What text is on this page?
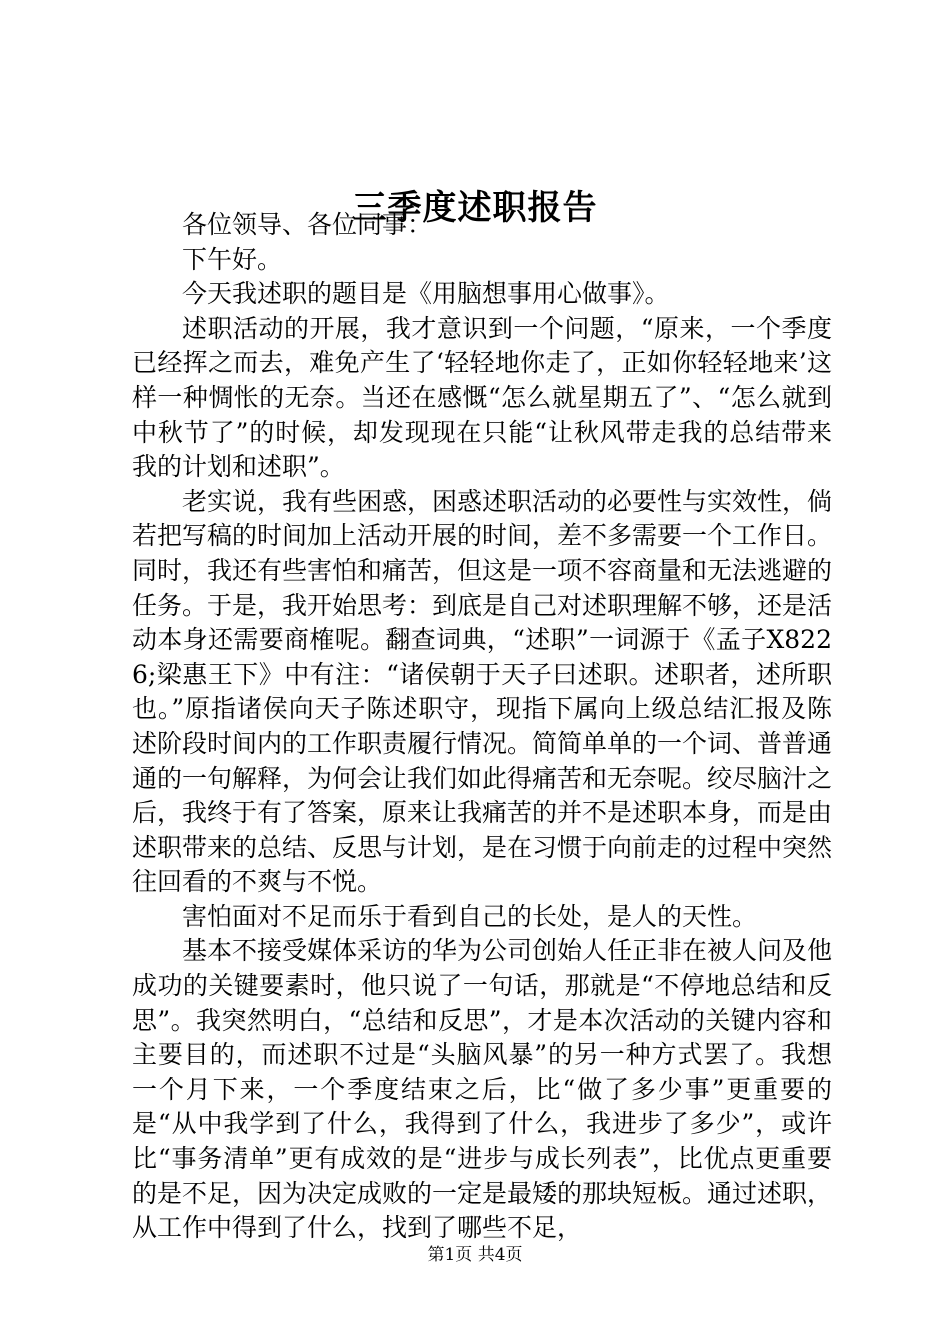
三季度述职报告

各位领导、各位同事：

下午好。

今天我述职的题目是《用脑想事用心做事》。

述职活动的开展，我才意识到一个问题，“原来，一个季度已经挥之而去，难免产生了‘轻轻地你走了，正如你轻轻地来’这样一种惆怅的无奈。当还在感慨“怎么就星期五了”、“怎么就到中秋节了”的时候，却发现现在只能“让秋风带走我的总结带来我的计划和述职”。

老实说，我有些困惑，困惑述职活动的必要性与实效性，倘若把写稿的时间加上活动开展的时间，差不多需要一个工作日。同时，我还有些害怕和痛苦，但这是一项不容商量和无法逃避的任务。于是，我开始思考：到底是自己对述职理解不够，还是活动本身还需要商榷呢。翻查词典，“述职”一词源于《孟子X8226;梁惠王下》中有注：“诸侯朝于天子曰述职。述职者，述所职也。”原指诸侯向天子陈述职守，现指下属向上级总结汇报及陈述阶段时间内的工作职责履行情况。简简单单的一个词、普普通通的一句解释，为何会让我们如此得痛苦和无奈呢。绞尽脑汁之后，我终于有了答案，原来让我痛苦的并不是述职本身，而是由述职带来的总结、反思与计划，是在习惯于向前走的过程中突然往回看的不爽与不悦。

害怕面对不足而乐于看到自己的长处，是人的天性。

基本不接受媒体采访的华为公司创始人任正非在被人问及他成功的关键要素时，他只说了一句话，那就是“不停地总结和反思”。我突然明白，“总结和反思”，才是本次活动的关键内容和主要目的，而述职不过是“头脑风暴”的另一种方式罢了。我想一个月下来，一个季度结束之后，比“做了多少事”更重要的是“从中我学到了什么，我得到了什么，我进步了多少”，或许比“事务清单”更有成效的是“进步与成长列表”，比优点更重要的是不足，因为决定成败的一定是最矮的那块短板。通过述职，从工作中得到了什么，找到了哪些不足，

第1页 共4页
